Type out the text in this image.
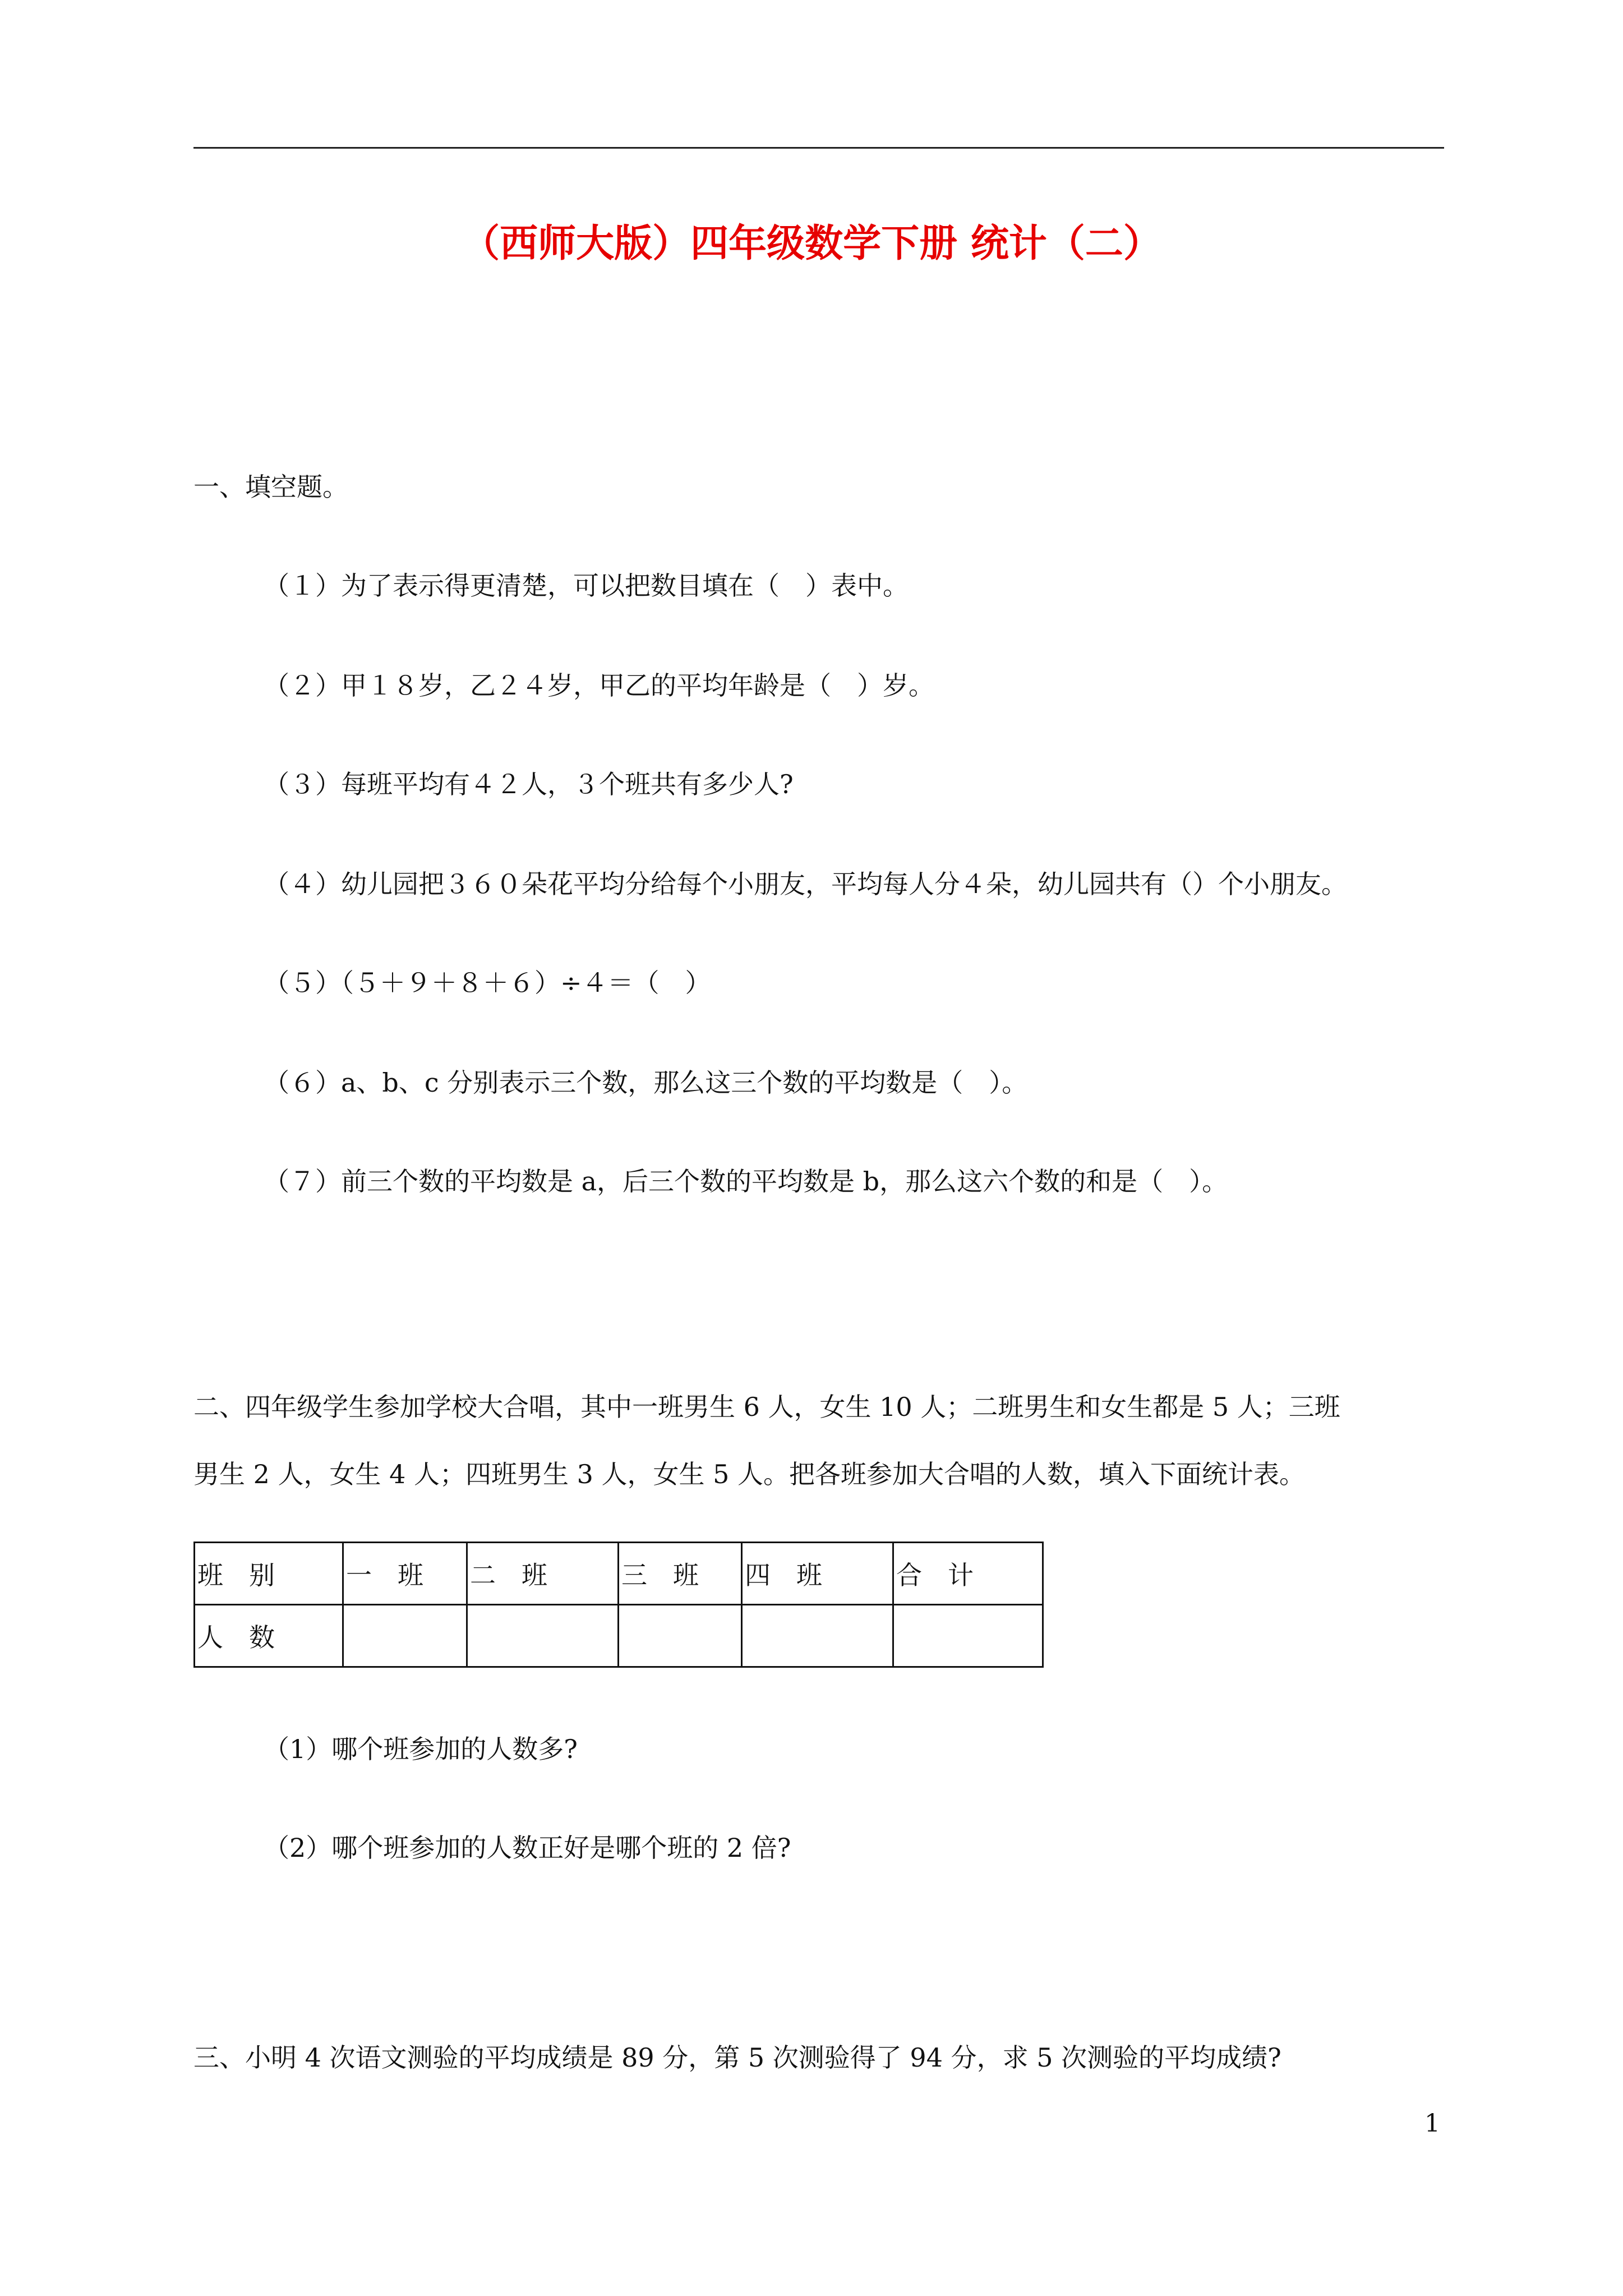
（西师大版）四年级数学下册 统计（二）
一、填空题。
（１）为了表示得更清楚，可以把数目填在（　）表中。
（２）甲１８岁，乙２４岁，甲乙的平均年龄是（　）岁。
（３）每班平均有４２人，３个班共有多少人?
（４）幼儿园把３６０朵花平均分给每个小朋友，平均每人分４朵，幼儿园共有（）个小朋友。
（５）（５＋９＋８＋６）÷４＝（　）
（６）a、b、c 分别表示三个数，那么这三个数的平均数是（　）。
（７）前三个数的平均数是 a，后三个数的平均数是 b，那么这六个数的和是（　）。
二、四年级学生参加学校大合唱，其中一班男生 6 人，女生 10 人；二班男生和女生都是 5 人；三班
男生 2 人，女生 4 人；四班男生 3 人，女生 5 人。把各班参加大合唱的人数，填入下面统计表。
班　别	一　班	二　班	三　班	四　班	合　计
人　数					
（1）哪个班参加的人数多?
（2）哪个班参加的人数正好是哪个班的 2 倍?
三、小明 4 次语文测验的平均成绩是 89 分，第 5 次测验得了 94 分，求 5 次测验的平均成绩?
1
